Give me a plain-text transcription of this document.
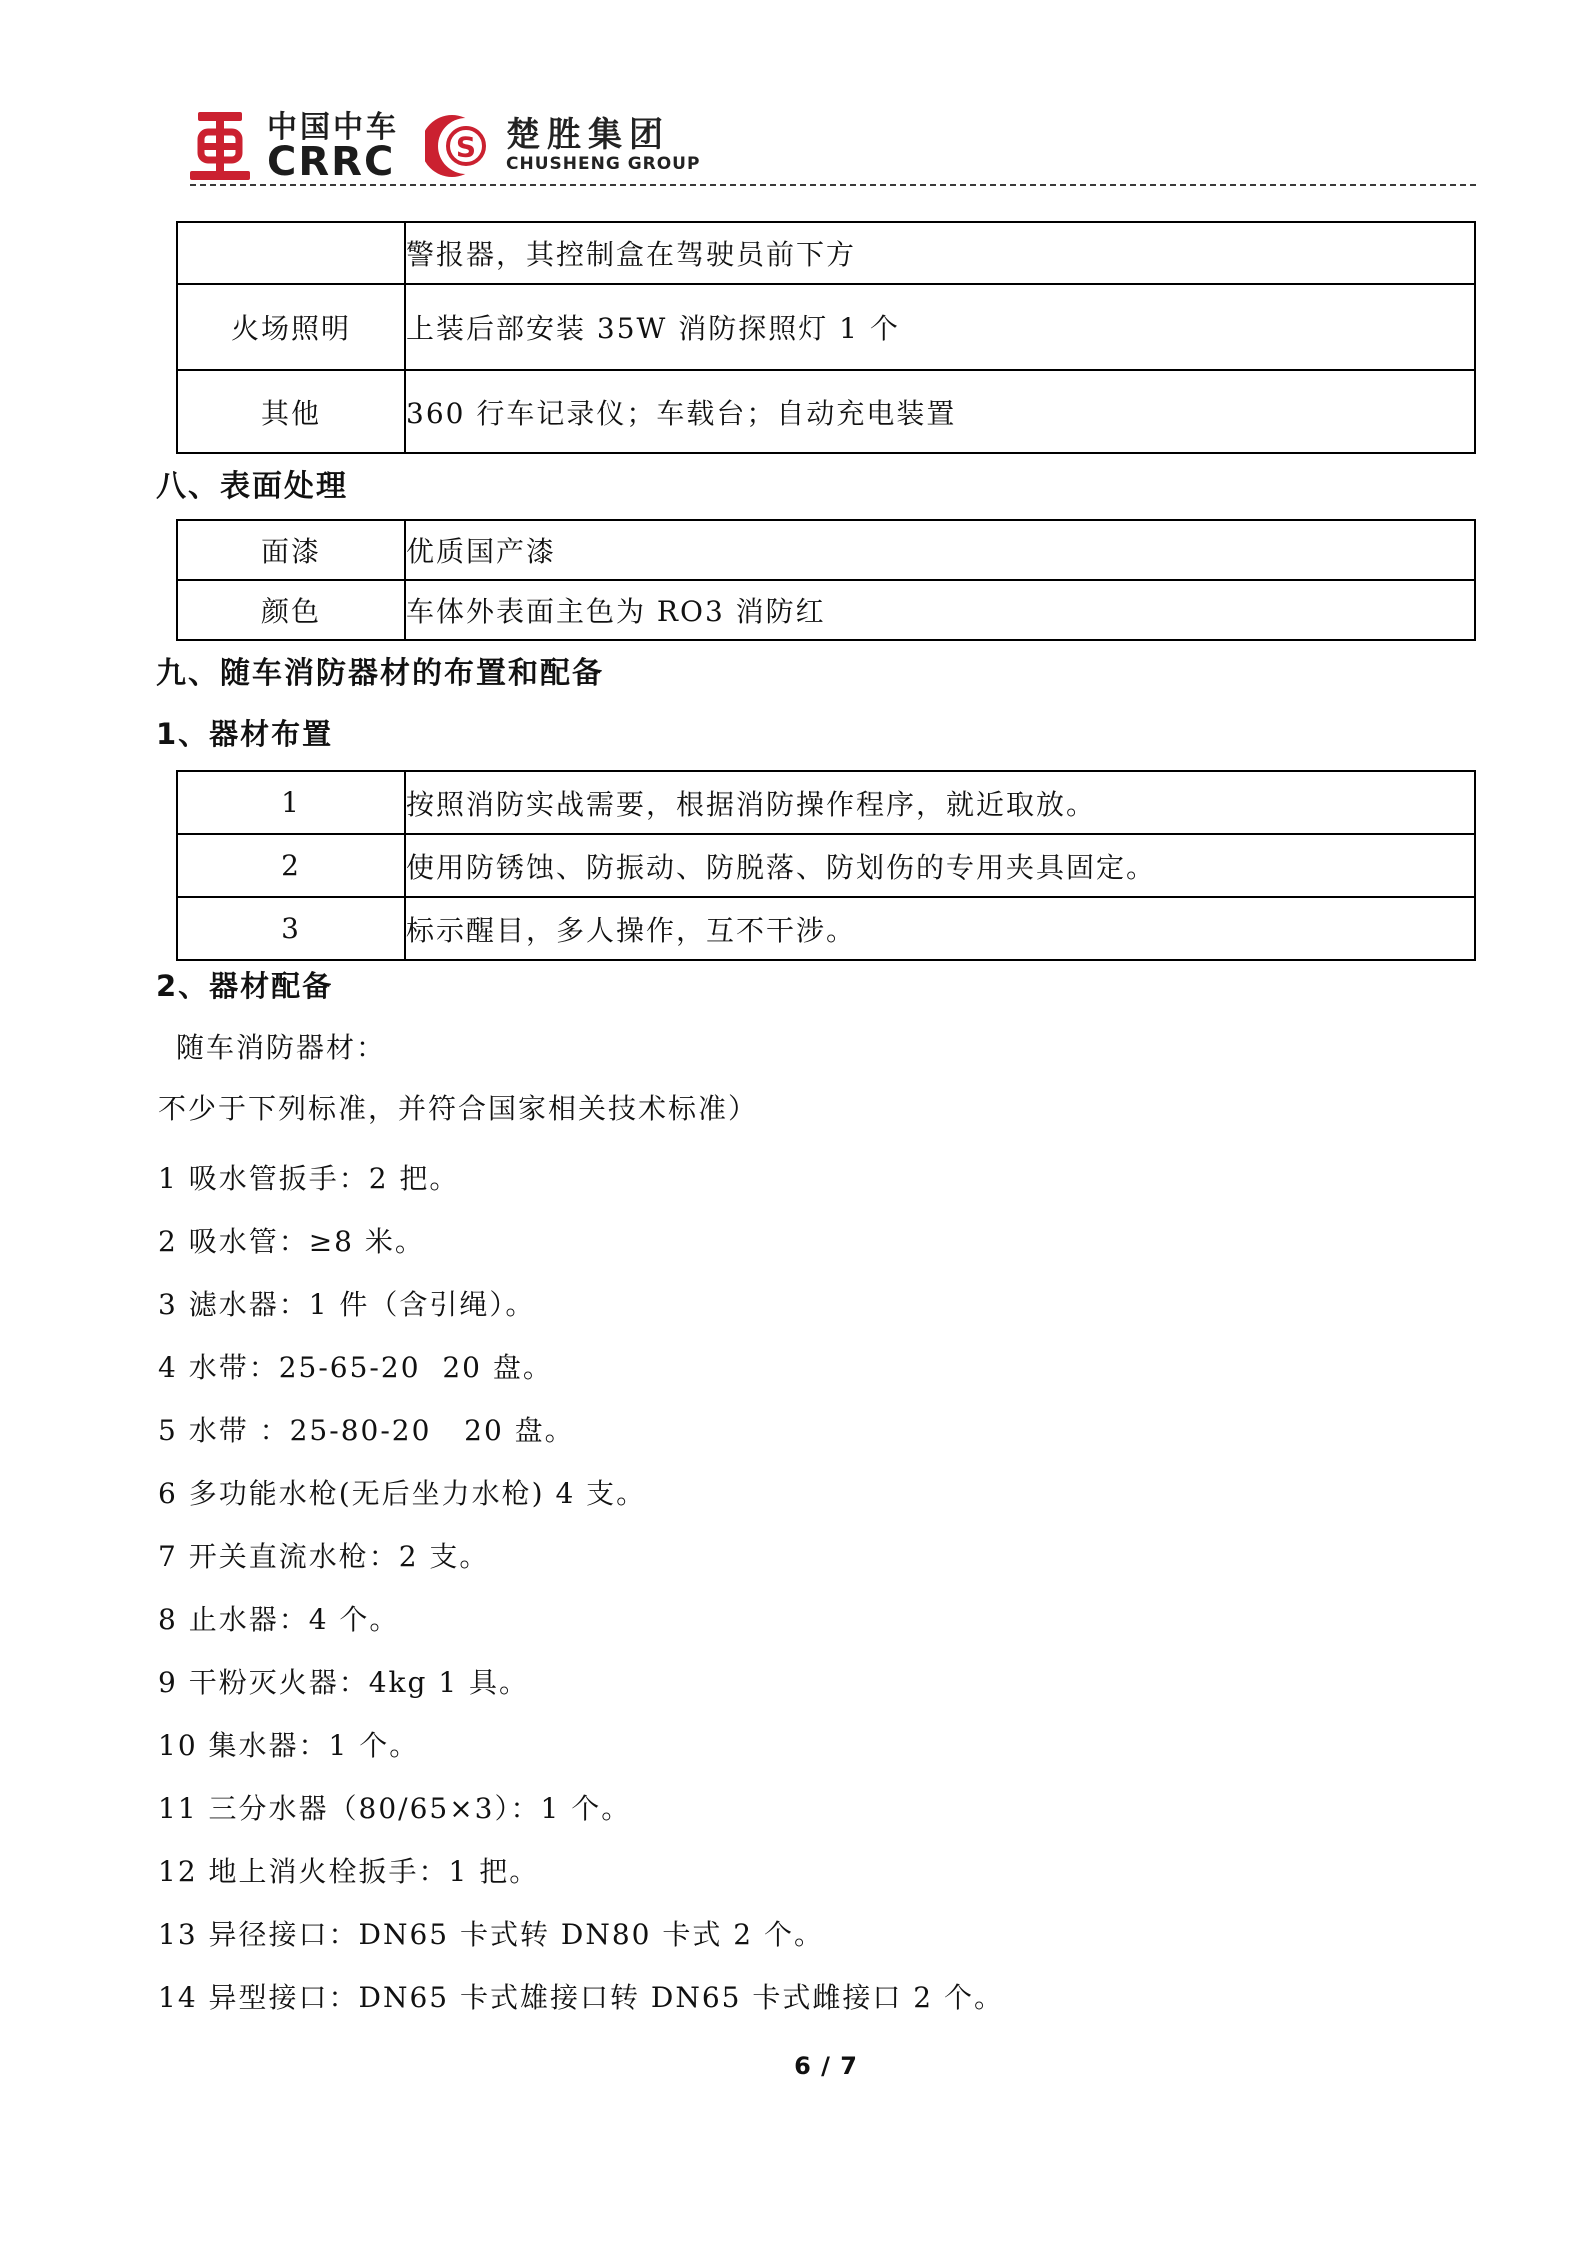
中国中车
CRRC S 楚胜集团
CHUSHENG GROUP
	警报器，其控制盒在驾驶员前下方
火场照明	上装后部安装 35W 消防探照灯 1 个
其他	360 行车记录仪；车载台；自动充电装置
八、表面处理
面漆	优质国产漆
颜色	车体外表面主色为 RO3 消防红
九、随车消防器材的布置和配备
1、器材布置
1	按照消防实战需要，根据消防操作程序，就近取放。
2	使用防锈蚀、防振动、防脱落、防划伤的专用夹具固定。
3	标示醒目，多人操作，互不干涉。
2、器材配备

随车消防器材：

不少于下列标准，并符合国家相关技术标准）

1 吸水管扳手：2 把。

2 吸水管：≥8 米。

3 滤水器：1 件（含引绳）。

4 水带：25-65-20  20 盘。

5 水带 ：25-80-20   20 盘。

6 多功能水枪(无后坐力水枪) 4 支。

7 开关直流水枪：2 支。

8 止水器：4 个。

9 干粉灭火器：4kg 1 具。

10 集水器：1 个。

11 三分水器（80/65×3）：1 个。

12 地上消火栓扳手：1 把。

13 异径接口：DN65 卡式转 DN80 卡式 2 个。

14 异型接口：DN65 卡式雄接口转 DN65 卡式雌接口 2 个。

6 / 7
